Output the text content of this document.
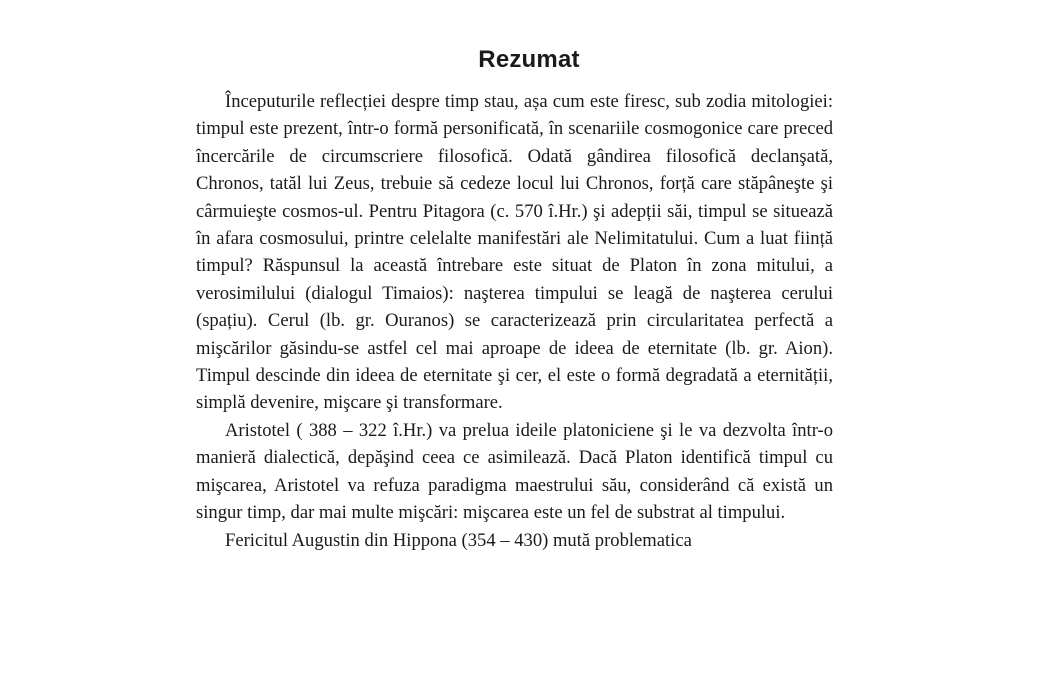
Rezumat

Începuturile reflecției despre timp stau, așa cum este firesc, sub zodia mitologiei: timpul este prezent, într-o formă personificată, în scenariile cosmogonice care preced încercările de circumscriere filosofică. Odată gândirea filosofică declanşată, Chronos, tatăl lui Zeus, trebuie să cedeze locul lui Chronos, forță care stăpâneşte şi cârmuieşte cosmos-ul. Pentru Pitagora (c. 570 î.Hr.) şi adepții săi, timpul se situează în afara cosmosului, printre celelalte manifestări ale Nelimitatului. Cum a luat ființă timpul? Răspunsul la această întrebare este situat de Platon în zona mitului, a verosimilului (dialogul Timaios): naşterea timpului se leagă de naşterea cerului (spațiu). Cerul (lb. gr. Ouranos) se caracterizează prin circularitatea perfectă a mişcărilor găsindu-se astfel cel mai aproape de ideea de eternitate (lb. gr. Aion). Timpul descinde din ideea de eternitate şi cer, el este o formă degradată a eternității, simplă devenire, mişcare şi transformare.

Aristotel ( 388 – 322 î.Hr.) va prelua ideile platoniciene şi le va dezvolta într-o manieră dialectică, depăşind ceea ce asimilează. Dacă Platon identifică timpul cu mişcarea, Aristotel va refuza paradigma maestrului său, considerând că există un singur timp, dar mai multe mişcări: mişcarea este un fel de substrat al timpului.

Fericitul Augustin din Hippona (354 – 430) mută problematica
